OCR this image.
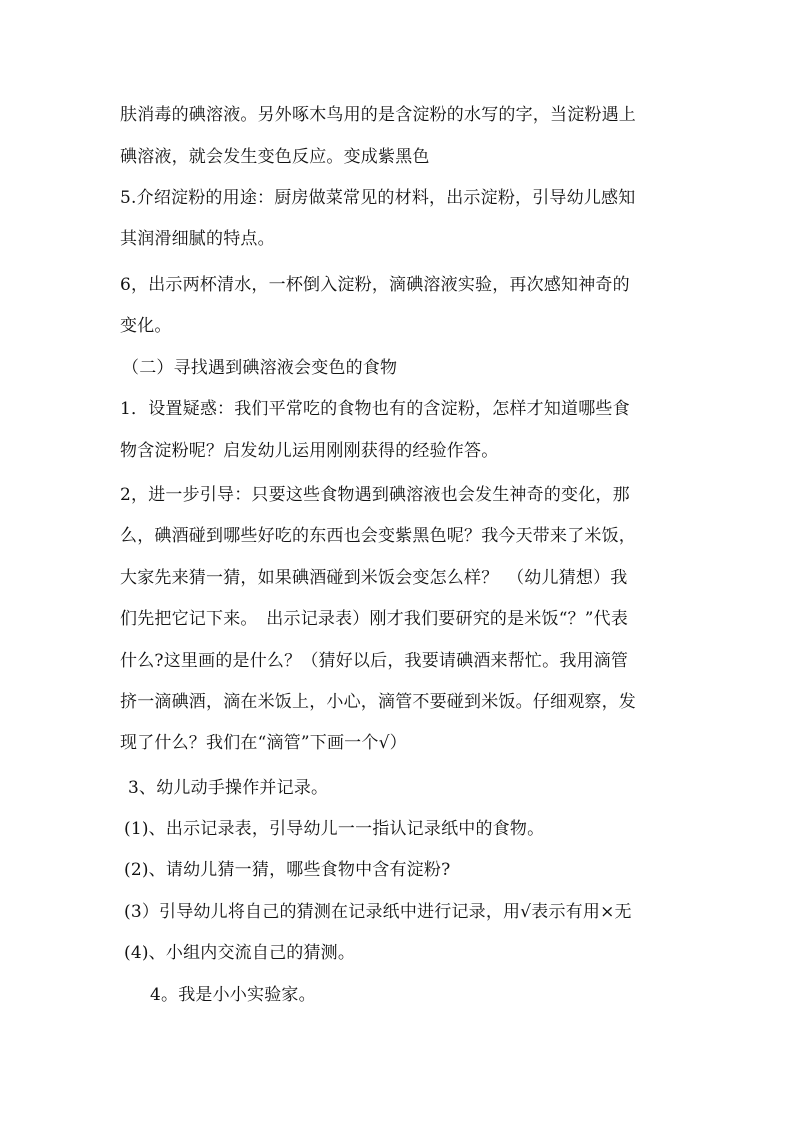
肤消毒的碘溶液。另外啄木鸟用的是含淀粉的水写的字，当淀粉遇上
碘溶液，就会发生变色反应。变成紫黑色
5.介绍淀粉的用途：厨房做菜常见的材料，出示淀粉，引导幼儿感知
其润滑细腻的特点。
6，出示两杯清水，一杯倒入淀粉，滴碘溶液实验，再次感知神奇的
变化。
（二）寻找遇到碘溶液会变色的食物
1．设置疑惑：我们平常吃的食物也有的含淀粉，怎样才知道哪些食
物含淀粉呢？启发幼儿运用刚刚获得的经验作答。
2，进一步引导：只要这些食物遇到碘溶液也会发生神奇的变化，那
么，碘酒碰到哪些好吃的东西也会变紫黑色呢？我今天带来了米饭，
大家先来猜一猜，如果碘酒碰到米饭会变怎么样？　（幼儿猜想）我
们先把它记下来。　出示记录表）刚才我们要研究的是米饭“？”代表
什么?这里画的是什么？（猜好以后，我要请碘酒来帮忙。我用滴管
挤一滴碘酒，滴在米饭上，小心，滴管不要碰到米饭。仔细观察，发
现了什么？我们在“滴管”下画一个√）
3、幼儿动手操作并记录。
(1)、出示记录表，引导幼儿一一指认记录纸中的食物。
(2)、请幼儿猜一猜，哪些食物中含有淀粉?
(3）引导幼儿将自己的猜测在记录纸中进行记录，用√表示有用×无
(4)、小组内交流自己的猜测。
4。我是小小实验家。
